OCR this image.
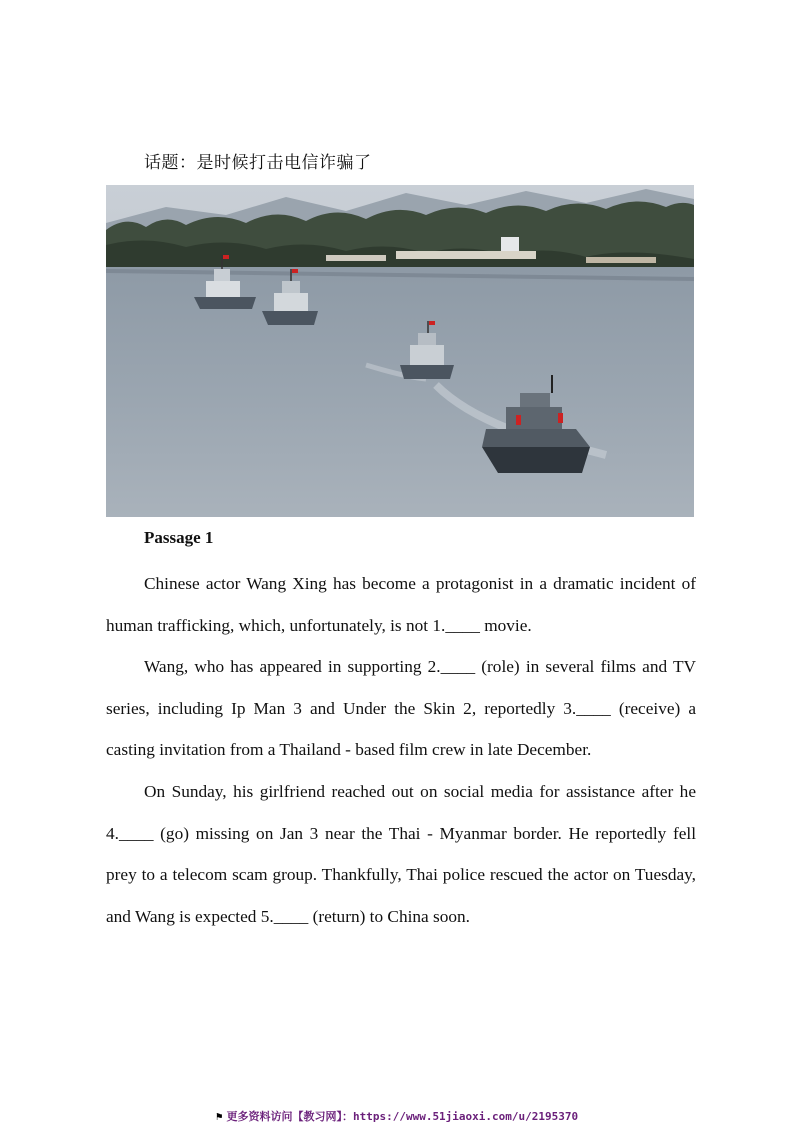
话题：是时候打击电信诈骗了
Passage 1

Chinese actor Wang Xing has become a protagonist in a dramatic incident of human trafficking, which, unfortunately, is not 1.____ movie.

Wang, who has appeared in supporting 2.____ (role) in several films and TV series, including Ip Man 3 and Under the Skin 2, reportedly 3.____ (receive) a casting invitation from a Thailand - based film crew in late December.

On Sunday, his girlfriend reached out on social media for assistance after he 4.____ (go) missing on Jan 3 near the Thai - Myanmar border. He reportedly fell prey to a telecom scam group. Thankfully, Thai police rescued the actor on Tuesday, and Wang is expected 5.____ (return) to China soon.

⚑ 更多资料访问【教习网】：https://www.51jiaoxi.com/u/2195370
